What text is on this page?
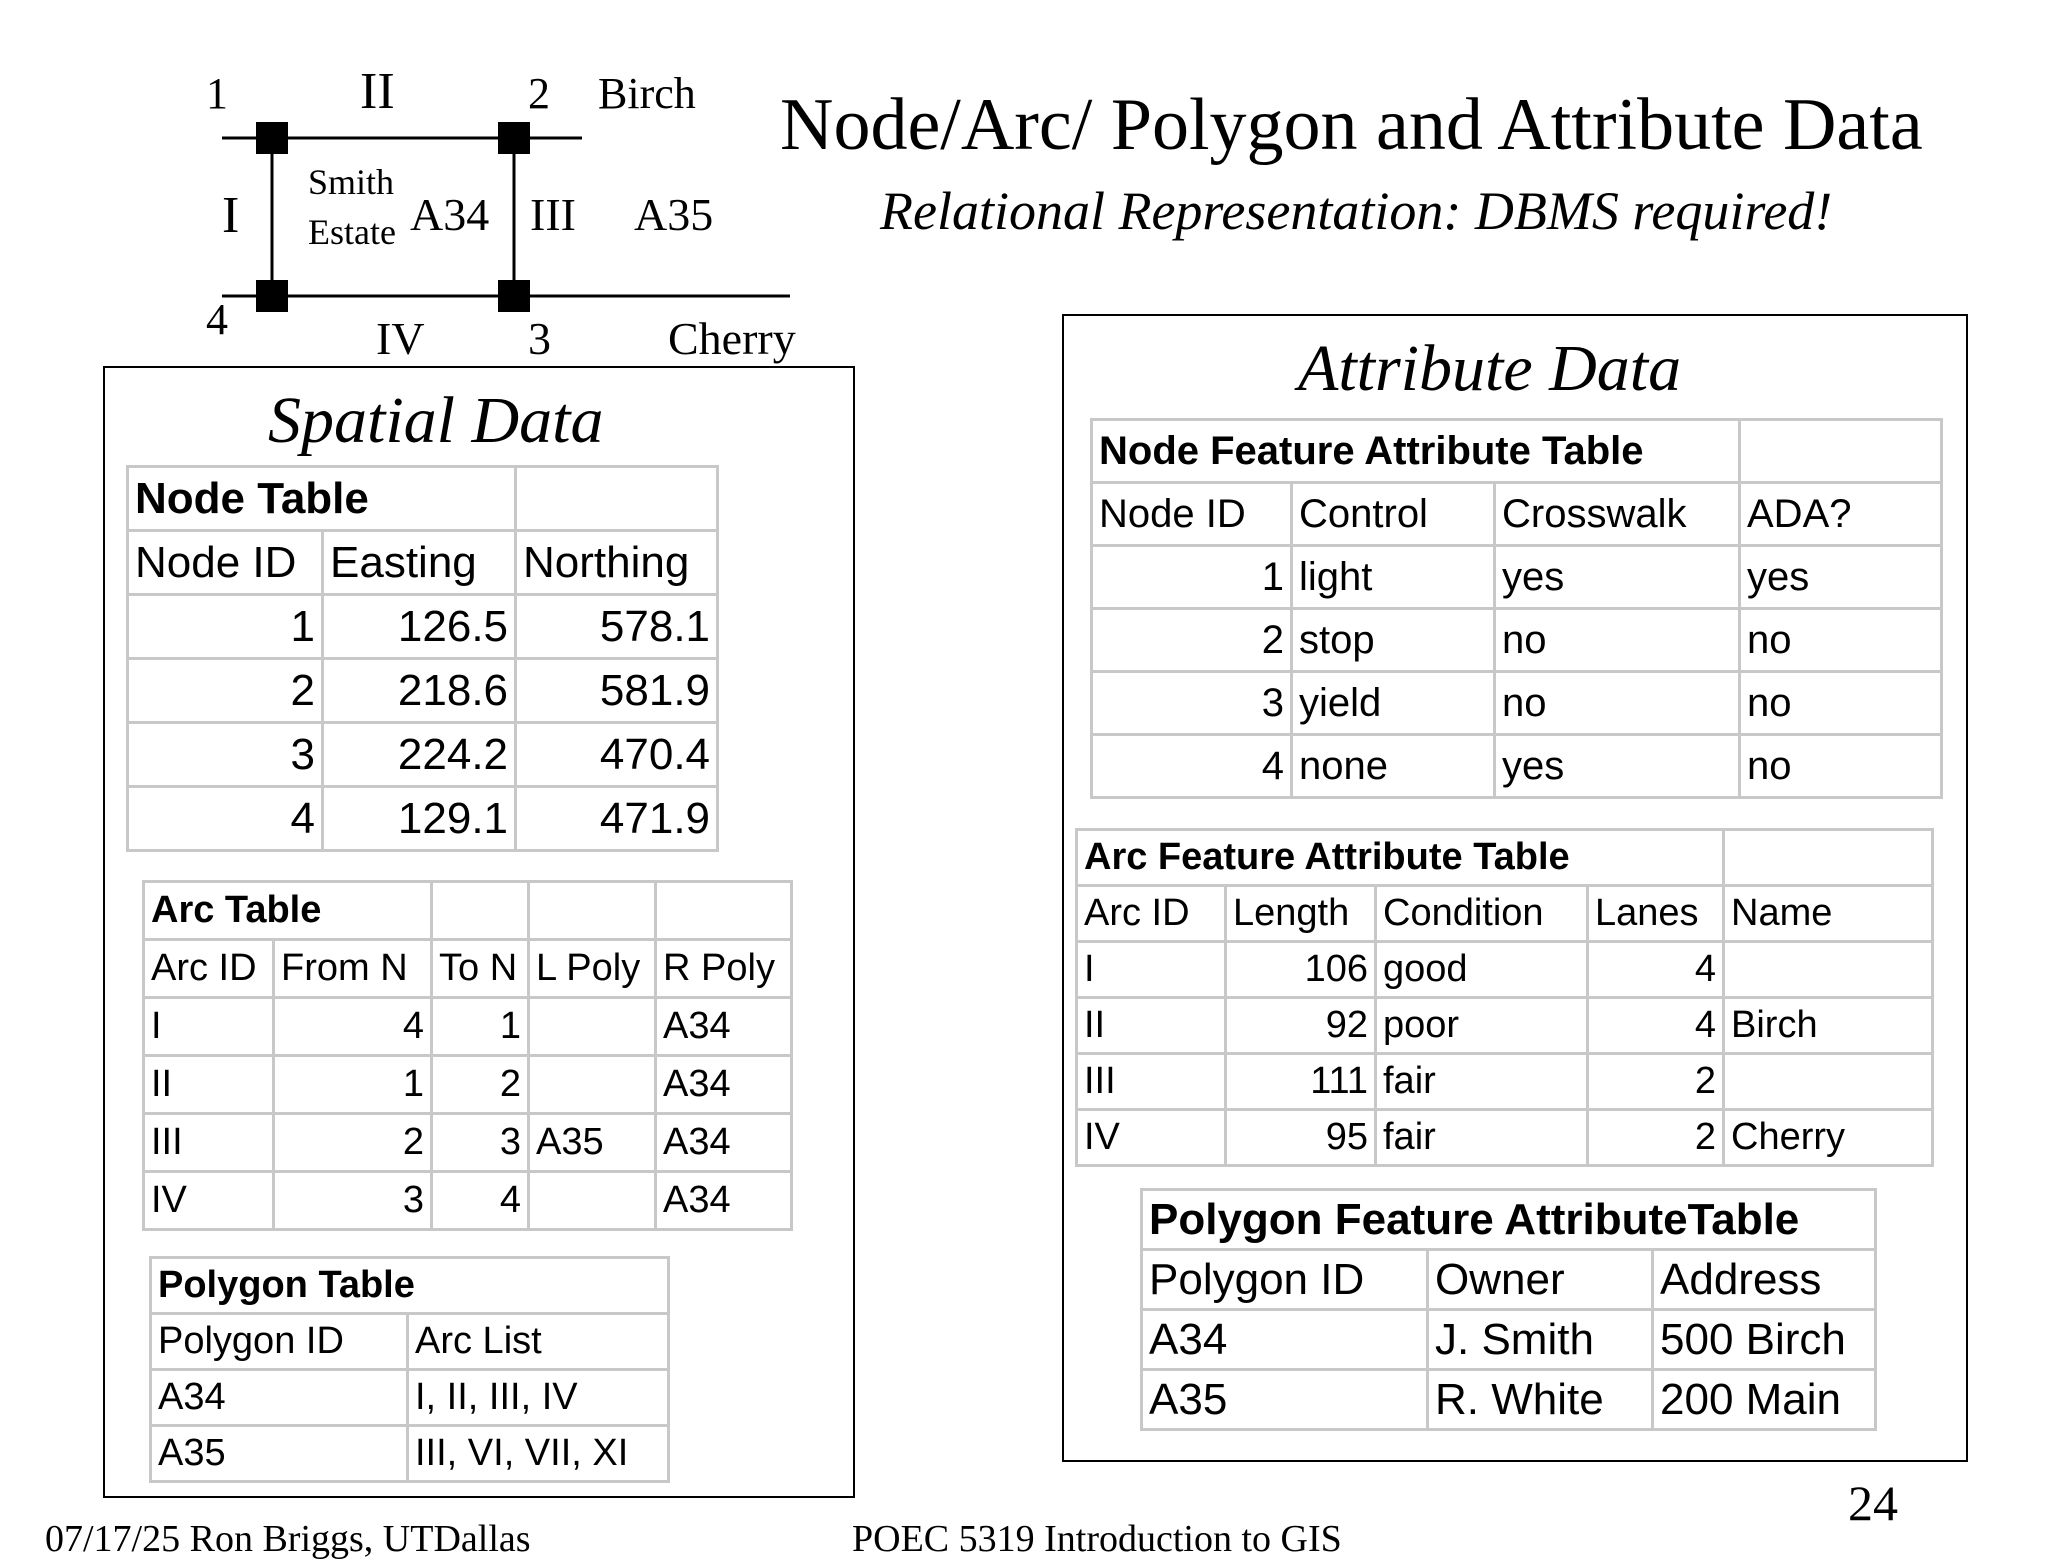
1	II	2 Birch
I
Smith
Estate A34 III A35
4	IV 3	Cherry
Node/Arc/ Polygon and Attribute Data
Relational Representation: DBMS required!
Spatial Data
Node Table		
Node ID	Easting	Northing
1	126.5	578.1
2	218.6	581.9
3	224.2	470.4
4	129.1	471.9
Arc Table				
Arc ID	From N	To N	L Poly	R Poly
I	4	1		A34
II	1	2		A34
III	2	3	A35	A34
IV	3	4		A34
Polygon Table	
Polygon ID	Arc List
A34	I, II, III, IV
A35	III, VI, VII, XI
Attribute Data
Node Feature Attribute Table			
Node ID	Control	Crosswalk	ADA?
1	light	yes	yes
2	stop	no	no
3	yield	no	no
4	none	yes	no
Arc Feature Attribute Table				
Arc ID	Length	Condition	Lanes	Name
I	106	good	4	
II	92	poor	4	Birch
III	111	fair	2	
IV	95	fair	2	Cherry
Polygon Feature AttributeTable		
Polygon ID	Owner	Address
A34	J. Smith	500 Birch
A35	R. White	200 Main
24
07/17/25 Ron Briggs, UTDallas	POEC 5319 Introduction to GIS
